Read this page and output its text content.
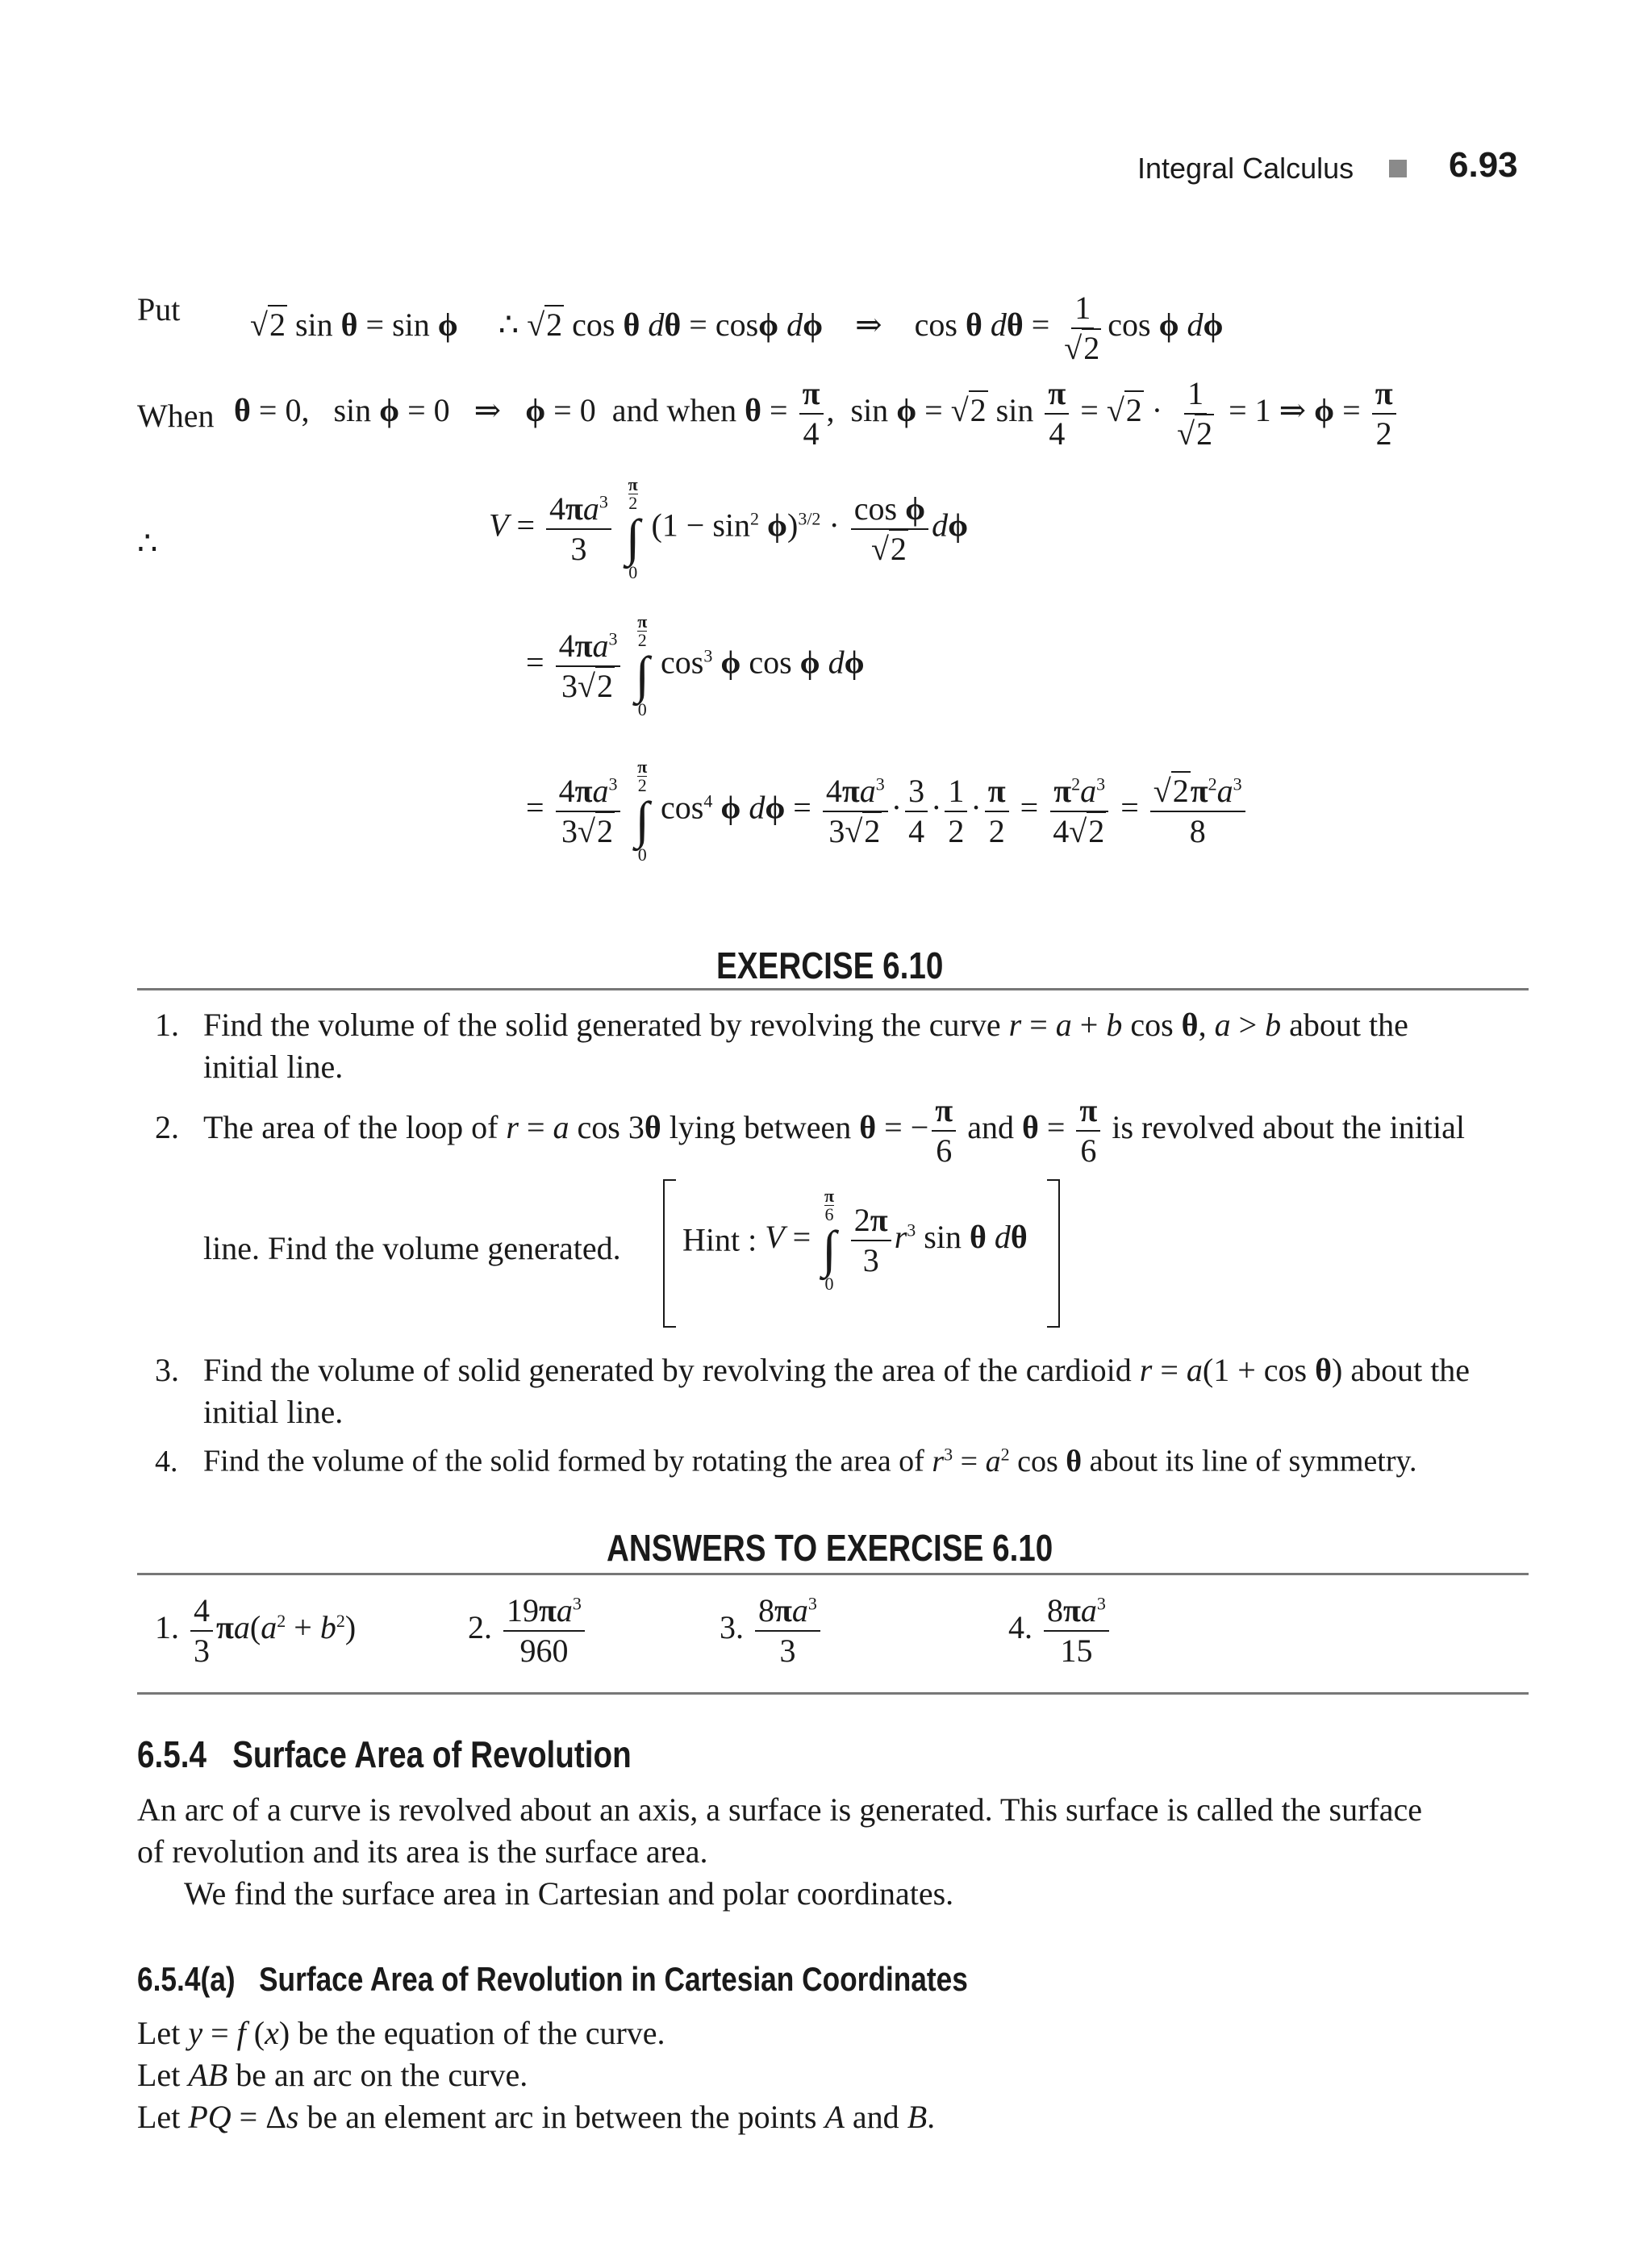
Integral Calculus	6.93
Put √2 sin θ = sin ϕ     ∴ √2 cos θ dθ = cosϕ dϕ    ⇒    cos θ $d\theta = \frac{1}{√2}$ cos ϕ dϕ
When θ = 0,   sin ϕ = 0   ⇒   ϕ = 0  and when $\theta = \frac{\pi}{4}$ ,  sin ϕ = √2 $\sin \frac{\pi}{4} = √2 \cdot \frac{1}{√2} = 1$ ⇒ $\phi = \frac{\pi}{2}$
∴	$V = \frac{4\pi a^3}{3}$

π
2
∫
0
$(1 - \sin^2 \phi)^{3/2} \cdot \frac{\text{cos ϕ}}{√2}$ dϕ
= $\frac{4\pi a^3}{3√2}$

π
2
∫
0
$\cos^3 \phi$ cos ϕ dϕ
= $\frac{4\pi a^3}{3√2}$

π
2
∫
0
$\cos^4 \phi$ $d\phi = \frac{4\pi a^3}{3√2} \cdot \frac{3}{4} \cdot \frac{1}{2} \cdot \frac{\pi}{2} = \frac{\pi^2a^3}{4√2} = \frac{√2\pi^2a^3}{8}$
EXERCISE 6.10
1. Find the volume of the solid generated by revolving the curve r = a + b cos θ, a > b about the
initial line.
2. The area of the loop of r = a cos 3θ lying between θ = − $\frac{\pi}{6}$ and $\theta = \frac{\pi}{6}$ is revolved about the initial
line. Find the volume generated. Hint : V =
π
6
∫
0

$\frac{2\pi}{3} r^3$ sin θ dθ
3. Find the volume of solid generated by revolving the area of the cardioid r = a(1 + cos θ) about the
initial line.
4. Find the volume of the solid formed by rotating the area of $r^3 = a^2$ cos θ about its line of symmetry.
ANSWERS TO EXERCISE 6.10
1. $\frac{4}{3} \pi a(a^2 + b^2)$	2. $\frac{19\pi a^3}{960}$	3. $\frac{8\pi a^3}{3}$	4. $\frac{8\pi a^3}{15}$
6.5.4 Surface Area of Revolution
An arc of a curve is revolved about an axis, a surface is generated. This surface is called the surface
of revolution and its area is the surface area.
We find the surface area in Cartesian and polar coordinates.
6.5.4(a) Surface Area of Revolution in Cartesian Coordinates
Let y = f (x) be the equation of the curve.
Let AB be an arc on the curve.
Let PQ = Δs be an element arc in between the points A and B.
